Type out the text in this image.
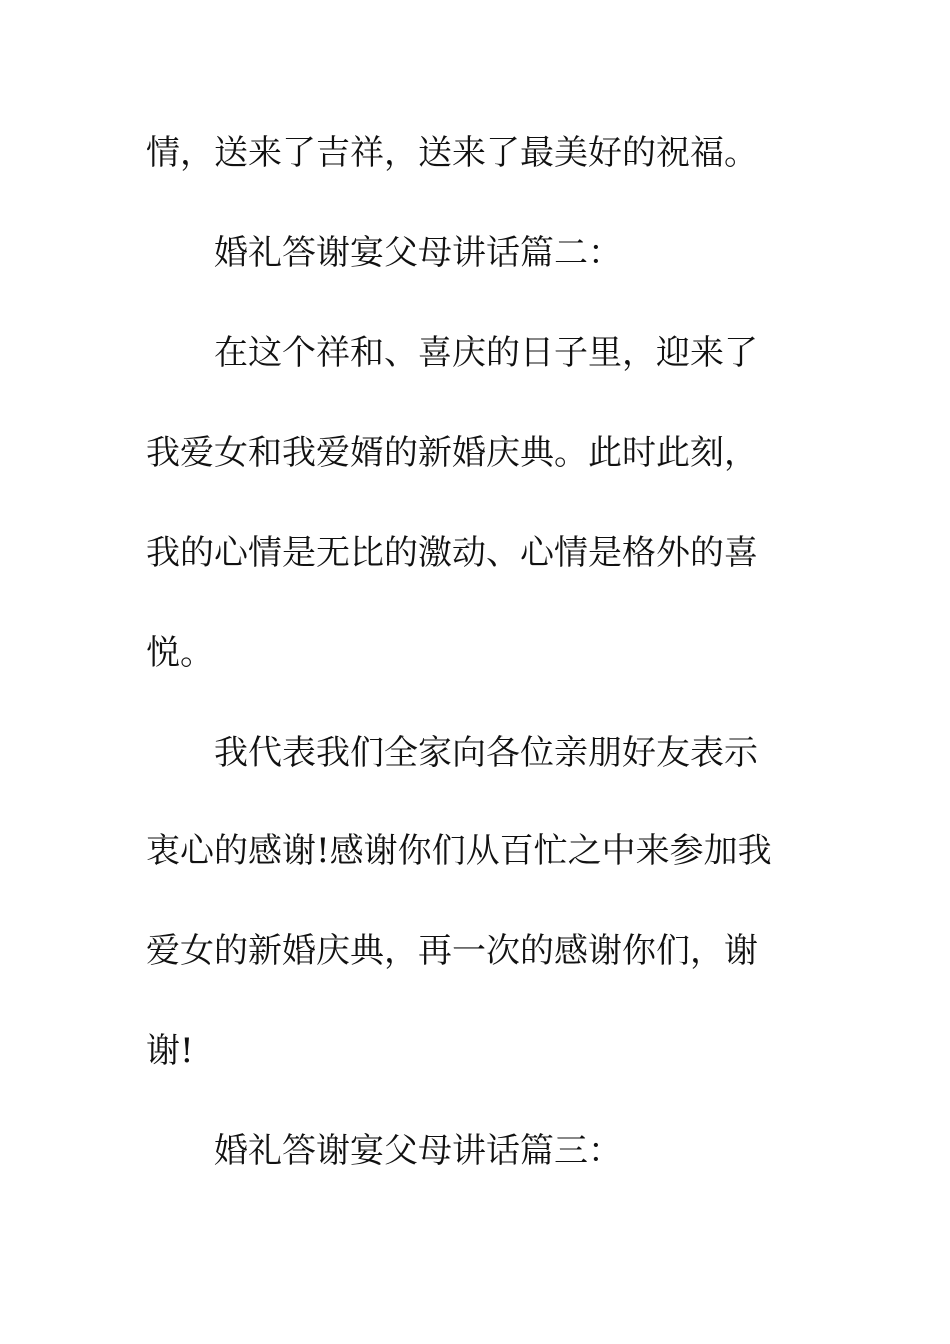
情，送来了吉祥，送来了最美好的祝福。

婚礼答谢宴父母讲话篇二：

在这个祥和、喜庆的日子里，迎来了

我爱女和我爱婿的新婚庆典。此时此刻，

我的心情是无比的激动、心情是格外的喜

悦。

我代表我们全家向各位亲朋好友表示

衷心的感谢!感谢你们从百忙之中来参加我

爱女的新婚庆典，再一次的感谢你们，谢

谢!

婚礼答谢宴父母讲话篇三：
